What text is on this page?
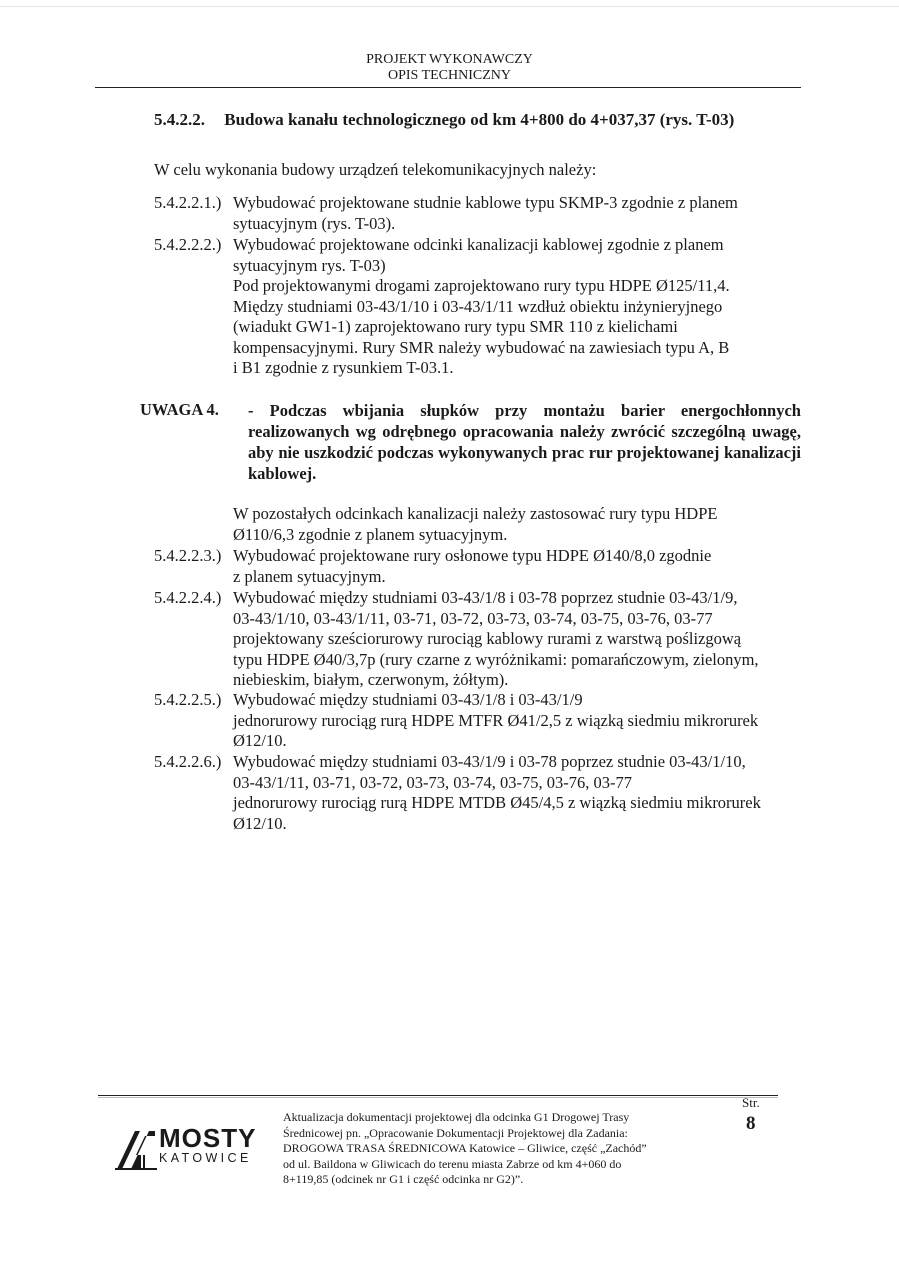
PROJEKT WYKONAWCZY
OPIS TECHNICZNY
5.4.2.2. Budowa kanału technologicznego od km 4+800 do 4+037,37 (rys. T-03)
W celu wykonania budowy urządzeń telekomunikacyjnych należy:
5.4.2.2.1.) Wybudować projektowane studnie kablowe typu SKMP-3 zgodnie z planem
sytuacyjnym (rys. T-03).
5.4.2.2.2.) Wybudować projektowane odcinki kanalizacji kablowej zgodnie z planem
sytuacyjnym rys. T-03)
Pod projektowanymi drogami zaprojektowano rury typu HDPE Ø125/11,4.
Między studniami 03-43/1/10 i 03-43/1/11 wzdłuż obiektu inżynieryjnego
(wiadukt GW1-1) zaprojektowano rury typu SMR 110 z kielichami
kompensacyjnymi. Rury SMR należy wybudować na zawiesiach typu A, B
i B1 zgodnie z rysunkiem T-03.1.
UWAGA 4. - Podczas wbijania słupków przy montażu barier energochłonnych realizowanych wg odrębnego opracowania należy zwrócić szczególną uwagę, aby nie uszkodzić podczas wykonywanych prac rur projektowanej kanalizacji kablowej.
W pozostałych odcinkach kanalizacji należy zastosować rury typu HDPE
Ø110/6,3 zgodnie z planem sytuacyjnym.
5.4.2.2.3.) Wybudować projektowane rury osłonowe typu HDPE Ø140/8,0 zgodnie
z planem sytuacyjnym.
5.4.2.2.4.) Wybudować między studniami 03-43/1/8 i 03-78 poprzez studnie 03-43/1/9,
03-43/1/10, 03-43/1/11, 03-71, 03-72, 03-73, 03-74, 03-75, 03-76, 03-77
projektowany sześciorurowy rurociąg kablowy rurami z warstwą poślizgową
typu HDPE Ø40/3,7p (rury czarne z wyróżnikami: pomarańczowym, zielonym,
niebieskim, białym, czerwonym, żółtym).
5.4.2.2.5.) Wybudować między studniami 03-43/1/8 i 03-43/1/9
jednorurowy rurociąg rurą HDPE MTFR Ø41/2,5 z wiązką siedmiu mikrorurek
Ø12/10.
5.4.2.2.6.) Wybudować między studniami 03-43/1/9 i 03-78 poprzez studnie 03-43/1/10,
03-43/1/11, 03-71, 03-72, 03-73, 03-74, 03-75, 03-76, 03-77
jednorurowy rurociąg rurą HDPE MTDB Ø45/4,5 z wiązką siedmiu mikrorurek
Ø12/10.
MOSTY
KATOWICE
Aktualizacja dokumentacji projektowej dla odcinka G1 Drogowej Trasy
Średnicowej pn. „Opracowanie Dokumentacji Projektowej dla Zadania:
DROGOWA TRASA ŚREDNICOWA Katowice – Gliwice, część „Zachód”
od ul. Baildona w Gliwicach do terenu miasta Zabrze od km 4+060 do
8+119,85 (odcinek nr G1 i część odcinka nr G2)”.
Str.
8
